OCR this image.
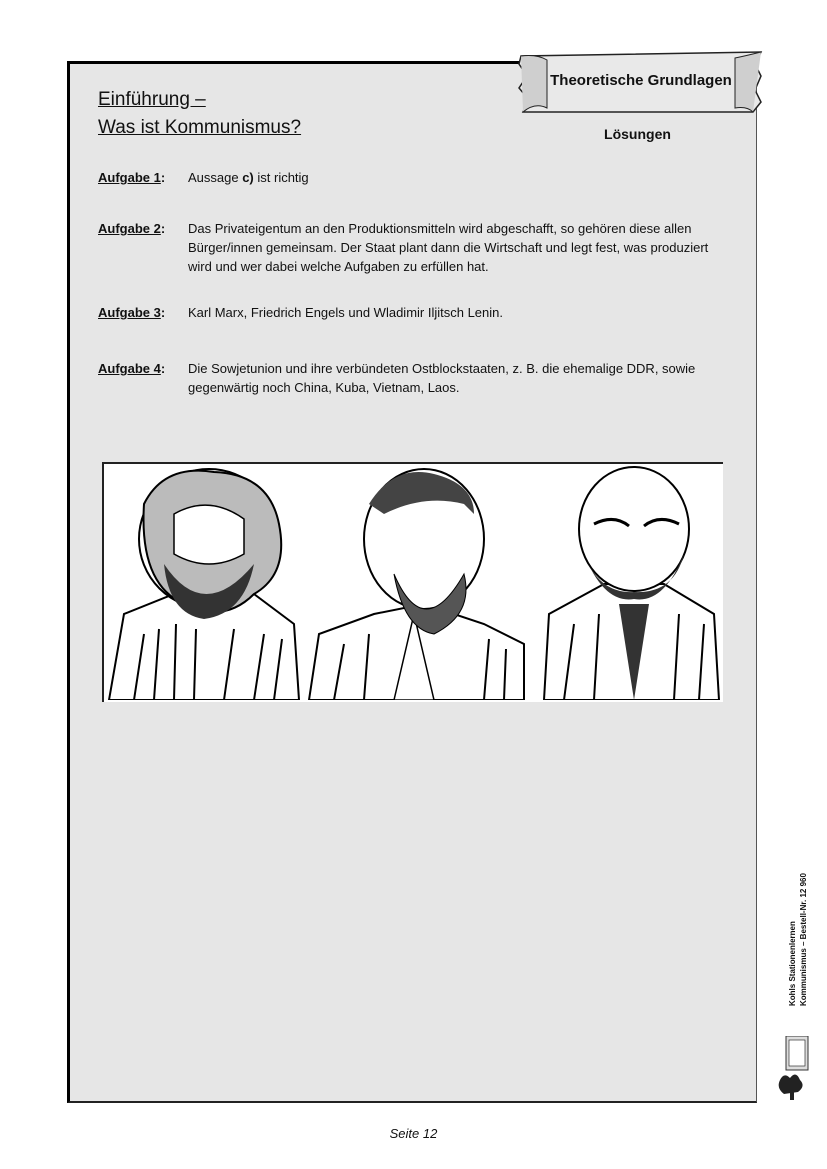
Einführung –
Was ist Kommunismus?
Theoretische Grundlagen
Lösungen
Aufgabe 1: Aussage c) ist richtig
Aufgabe 2: Das Privateigentum an den Produktionsmitteln wird abgeschafft, so gehören diese allen Bürger/innen gemeinsam. Der Staat plant dann die Wirtschaft und legt fest, was produziert wird und wer dabei welche Aufgaben zu erfüllen hat.
Aufgabe 3: Karl Marx, Friedrich Engels und Wladimir Iljitsch Lenin.
Aufgabe 4: Die Sowjetunion und ihre verbündeten Ostblockstaaten, z. B. die ehemalige DDR, sowie gegenwärtig noch China, Kuba, Vietnam, Laos.
Seite 12
Kohls Stationenlernen Kommunismus – Bestell-Nr. 12 960
